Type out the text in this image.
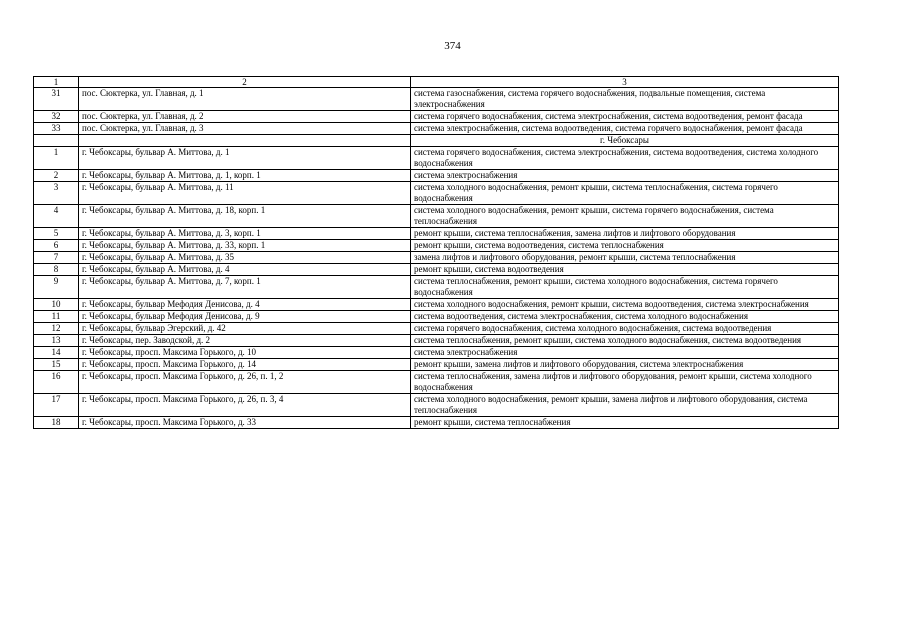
374
1	2	3
31	пос. Сюктерка, ул. Главная, д. 1	система газоснабжения, система горячего водоснабжения, подвальные помещения, система электроснабжения
32	пос. Сюктерка, ул. Главная, д. 2	система горячего водоснабжения, система электроснабжения, система водоотведения, ремонт фасада
33	пос. Сюктерка, ул. Главная, д. 3	система электроснабжения, система водоотведения, система горячего водоснабжения, ремонт фасада
		г. Чебоксары
1	г. Чебоксары, бульвар А. Миттова, д. 1	система горячего водоснабжения, система электроснабжения, система водоотведения, система холодного водоснабжения
2	г. Чебоксары, бульвар А. Миттова, д. 1, корп. 1	система электроснабжения
3	г. Чебоксары, бульвар А. Миттова, д. 11	система холодного водоснабжения, ремонт крыши, система теплоснабжения, система горячего водоснабжения
4	г. Чебоксары, бульвар А. Миттова, д. 18, корп. 1	система холодного водоснабжения, ремонт крыши, система горячего водоснабжения, система теплоснабжения
5	г. Чебоксары, бульвар А. Миттова, д. 3, корп. 1	ремонт крыши, система теплоснабжения, замена лифтов и лифтового оборудования
6	г. Чебоксары, бульвар А. Миттова, д. 33, корп. 1	ремонт крыши, система водоотведения, система теплоснабжения
7	г. Чебоксары, бульвар А. Миттова, д. 35	замена лифтов и лифтового оборудования, ремонт крыши, система теплоснабжения
8	г. Чебоксары, бульвар А. Миттова, д. 4	ремонт крыши, система водоотведения
9	г. Чебоксары, бульвар А. Миттова, д. 7, корп. 1	система теплоснабжения, ремонт крыши, система холодного водоснабжения, система горячего водоснабжения
10	г. Чебоксары, бульвар Мефодия Денисова, д. 4	система холодного водоснабжения, ремонт крыши, система водоотведения, система электроснабжения
11	г. Чебоксары, бульвар Мефодия Денисова, д. 9	система водоотведения, система электроснабжения, система холодного водоснабжения
12	г. Чебоксары, бульвар Эгерский, д. 42	система горячего водоснабжения, система холодного водоснабжения, система водоотведения
13	г. Чебоксары, пер. Заводской, д. 2	система теплоснабжения, ремонт крыши, система холодного водоснабжения, система водоотведения
14	г. Чебоксары, просп. Максима Горького, д. 10	система электроснабжения
15	г. Чебоксары, просп. Максима Горького, д. 14	ремонт крыши, замена лифтов и лифтового оборудования, система электроснабжения
16	г. Чебоксары, просп. Максима Горького, д. 26, п. 1, 2	система теплоснабжения, замена лифтов и лифтового оборудования, ремонт крыши, система холодного водоснабжения
17	г. Чебоксары, просп. Максима Горького, д. 26, п. 3, 4	система холодного водоснабжения, ремонт крыши, замена лифтов и лифтового оборудования, система теплоснабжения
18	г. Чебоксары, просп. Максима Горького, д. 33	ремонт крыши, система теплоснабжения
